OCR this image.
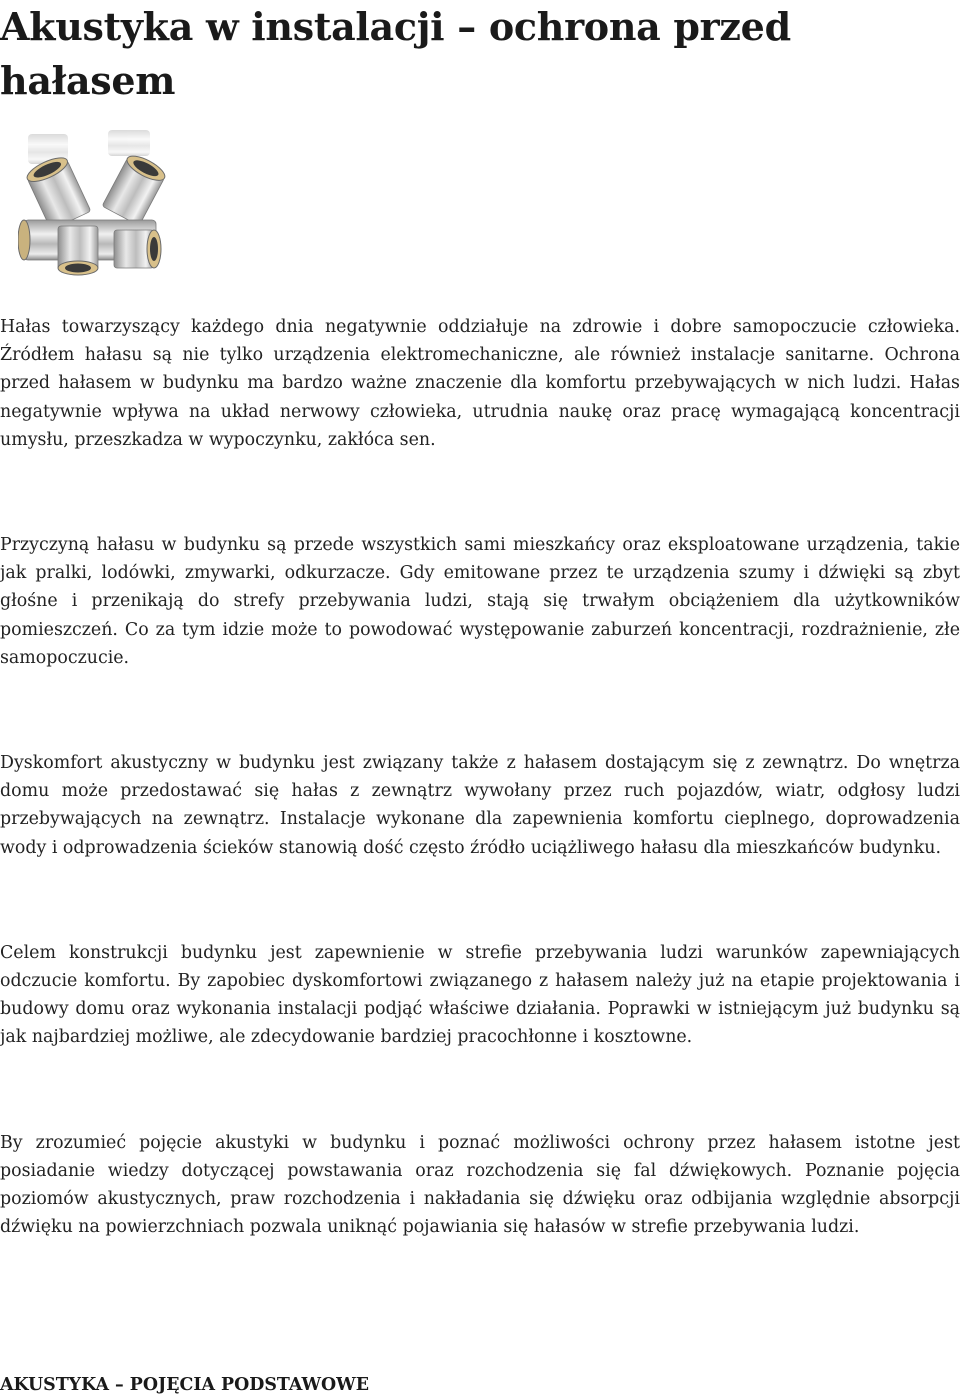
Akustyka w instalacji – ochrona przed hałasem

Hałas towarzyszący każdego dnia negatywnie oddziałuje na zdrowie i dobre samopoczucie człowieka. Źródłem hałasu są nie tylko urządzenia elektromechaniczne, ale również instalacje sanitarne. Ochrona przed hałasem w budynku ma bardzo ważne znaczenie dla komfortu przebywających w nich ludzi. Hałas negatywnie wpływa na układ nerwowy człowieka, utrudnia naukę oraz pracę wymagającą koncentracji umysłu, przeszkadza w wypoczynku, zakłóca sen.

Przyczyną hałasu w budynku są przede wszystkich sami mieszkańcy oraz eksploatowane urządzenia, takie jak pralki, lodówki, zmywarki, odkurzacze. Gdy emitowane przez te urządzenia szumy i dźwięki są zbyt głośne i przenikają do strefy przebywania ludzi, stają się trwałym obciążeniem dla użytkowników pomieszczeń. Co za tym idzie może to powodować występowanie zaburzeń koncentracji, rozdrażnienie, złe samopoczucie.

Dyskomfort akustyczny w budynku jest związany także z hałasem dostającym się z zewnątrz. Do wnętrza domu może przedostawać się hałas z zewnątrz wywołany przez ruch pojazdów, wiatr, odgłosy ludzi przebywających na zewnątrz. Instalacje wykonane dla zapewnienia komfortu cieplnego, doprowadzenia wody i odprowadzenia ścieków stanowią dość często źródło uciążliwego hałasu dla mieszkańców budynku.

Celem konstrukcji budynku jest zapewnienie w strefie przebywania ludzi warunków zapewniających odczucie komfortu. By zapobiec dyskomfortowi związanego z hałasem należy już na etapie projektowania i budowy domu oraz wykonania instalacji podjąć właściwe działania. Poprawki w istniejącym już budynku są jak najbardziej możliwe, ale zdecydowanie bardziej pracochłonne i kosztowne.

By zrozumieć pojęcie akustyki w budynku i poznać możliwości ochrony przez hałasem istotne jest posiadanie wiedzy dotyczącej powstawania oraz rozchodzenia się fal dźwiękowych. Poznanie pojęcia poziomów akustycznych, praw rozchodzenia i nakładania się dźwięku oraz odbijania względnie absorpcji dźwięku na powierzchniach pozwala uniknąć pojawiania się hałasów w strefie przebywania ludzi.

AKUSTYKA – POJĘCIA PODSTAWOWE
